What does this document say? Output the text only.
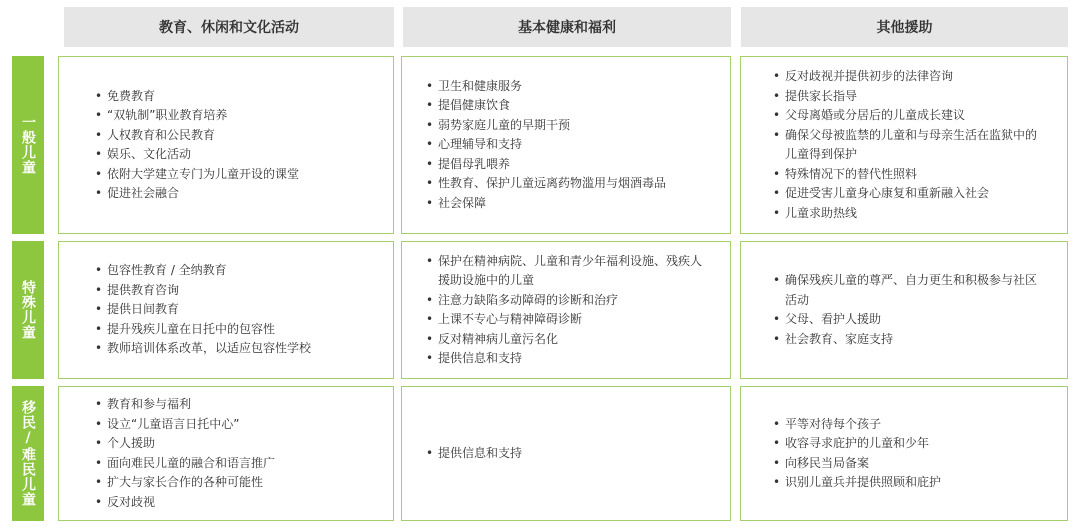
教育、休闲和文化活动	基本健康和福利	其他援助
一般儿童
特殊儿童
移民/难民儿童
• 免费教育
• “双轨制”职业教育培养
• 人权教育和公民教育
• 娱乐、文化活动
• 依附大学建立专门为儿童开设的课堂
• 促进社会融合
• 卫生和健康服务
• 提倡健康饮食
• 弱势家庭儿童的早期干预
• 心理辅导和支持
• 提倡母乳喂养
• 性教育、保护儿童远离药物滥用与烟酒毒品
• 社会保障
• 反对歧视并提供初步的法律咨询
• 提供家长指导
• 父母离婚或分居后的儿童成长建议
• 确保父母被监禁的儿童和与母亲生活在监狱中的儿童得到保护
• 特殊情况下的替代性照料
• 促进受害儿童身心康复和重新融入社会
• 儿童求助热线
• 包容性教育 / 全纳教育
• 提供教育咨询
• 提供日间教育
• 提升残疾儿童在日托中的包容性
• 教师培训体系改革，以适应包容性学校
• 保护在精神病院、儿童和青少年福利设施、残疾人援助设施中的儿童
• 注意力缺陷多动障碍的诊断和治疗
• 上课不专心与精神障碍诊断
• 反对精神病儿童污名化
• 提供信息和支持
• 确保残疾儿童的尊严、自力更生和积极参与社区活动
• 父母、看护人援助
• 社会教育、家庭支持
• 教育和参与福利
• 设立“儿童语言日托中心”
• 个人援助
• 面向难民儿童的融合和语言推广
• 扩大与家长合作的各种可能性
• 反对歧视
• 提供信息和支持
• 平等对待每个孩子
• 收容寻求庇护的儿童和少年
• 向移民当局备案
• 识别儿童兵并提供照顾和庇护
